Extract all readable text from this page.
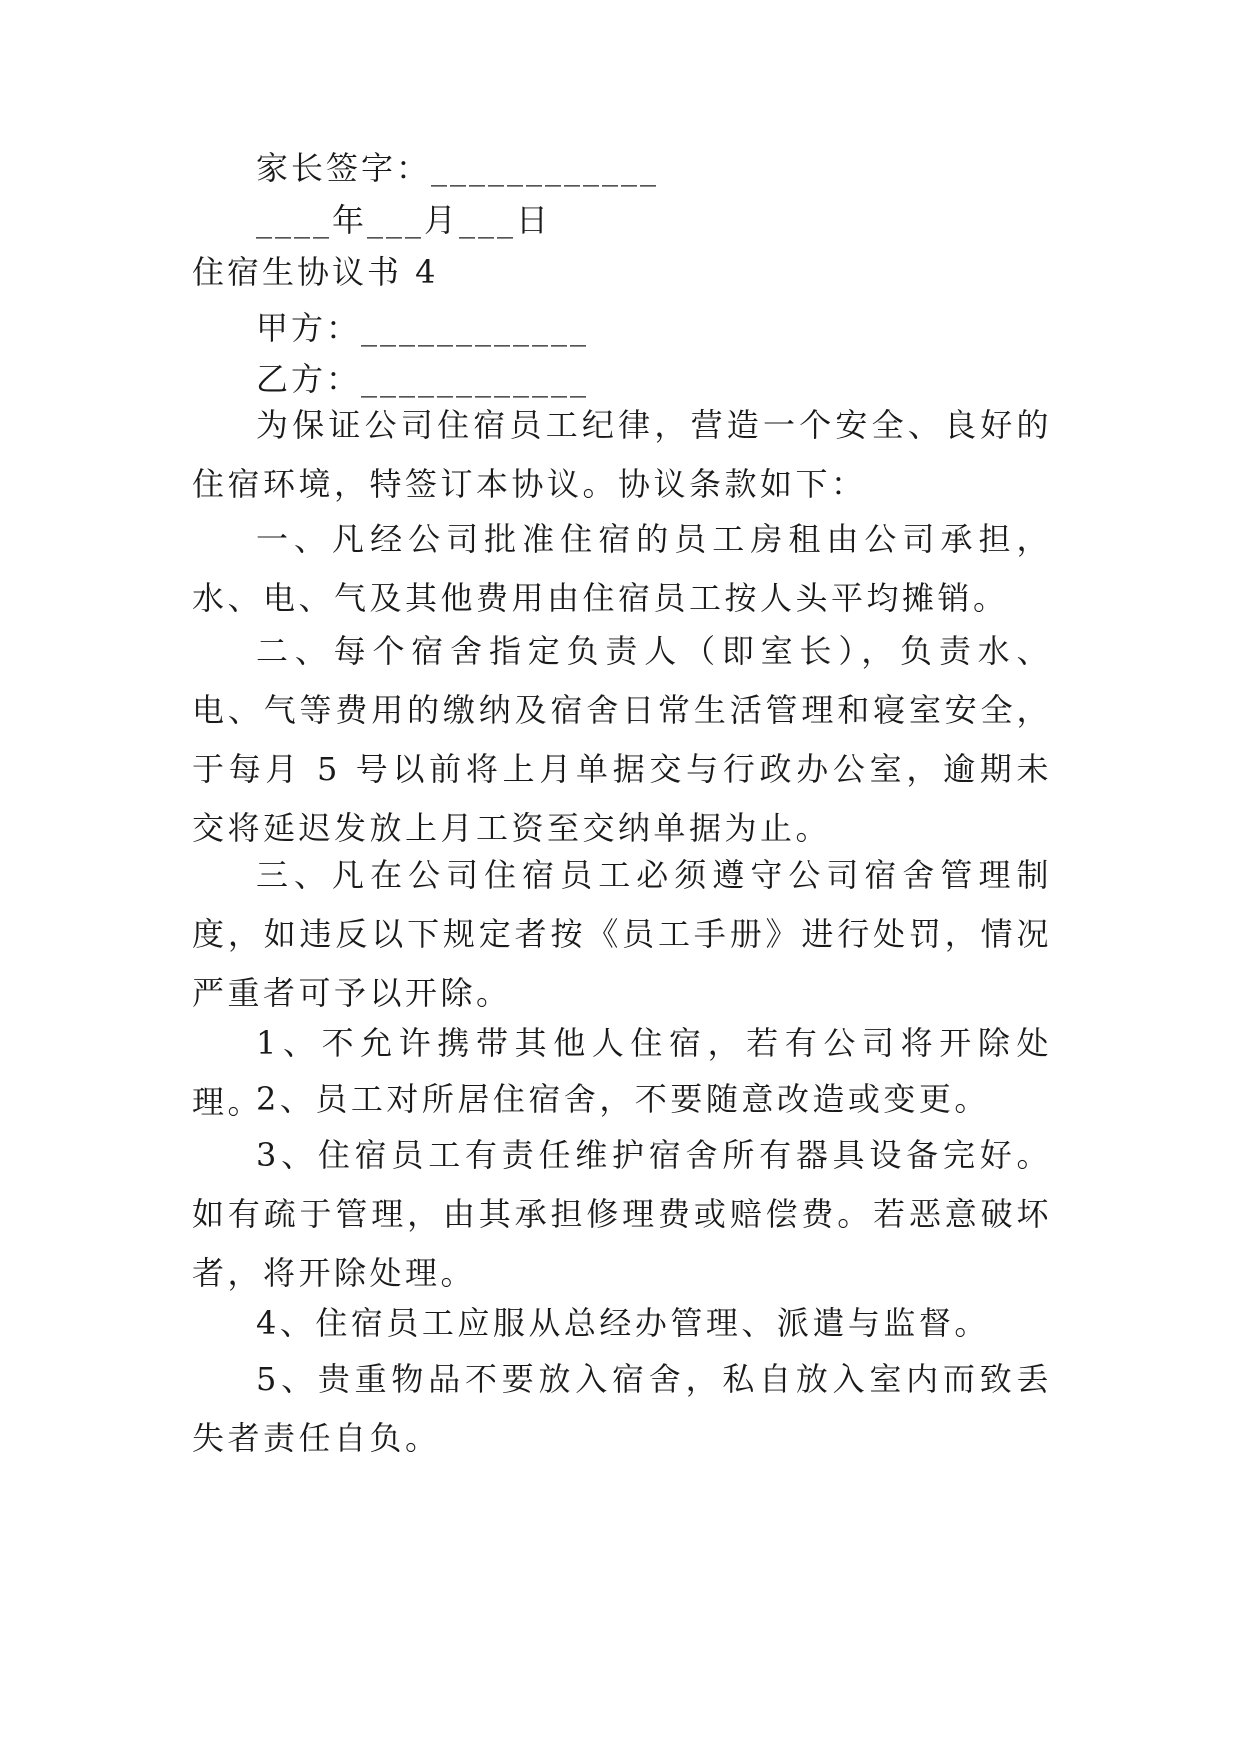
家长签字：____________
____年___月___日
住宿生协议书 4
甲方：____________
乙方：____________
为保证公司住宿员工纪律，营造一个安全、良好的住宿环境，特签订本协议。协议条款如下：
一、凡经公司批准住宿的员工房租由公司承担，水、电、气及其他费用由住宿员工按人头平均摊销。
二、每个宿舍指定负责人（即室长），负责水、电、气等费用的缴纳及宿舍日常生活管理和寝室安全，于每月 5 号以前将上月单据交与行政办公室，逾期未交将延迟发放上月工资至交纳单据为止。
三、凡在公司住宿员工必须遵守公司宿舍管理制度，如违反以下规定者按《员工手册》进行处罚，情况严重者可予以开除。
1、不允许携带其他人住宿，若有公司将开除处理。
2、员工对所居住宿舍，不要随意改造或变更。
3、住宿员工有责任维护宿舍所有器具设备完好。如有疏于管理，由其承担修理费或赔偿费。若恶意破坏者，将开除处理。
4、住宿员工应服从总经办管理、派遣与监督。
5、贵重物品不要放入宿舍，私自放入室内而致丢失者责任自负。
